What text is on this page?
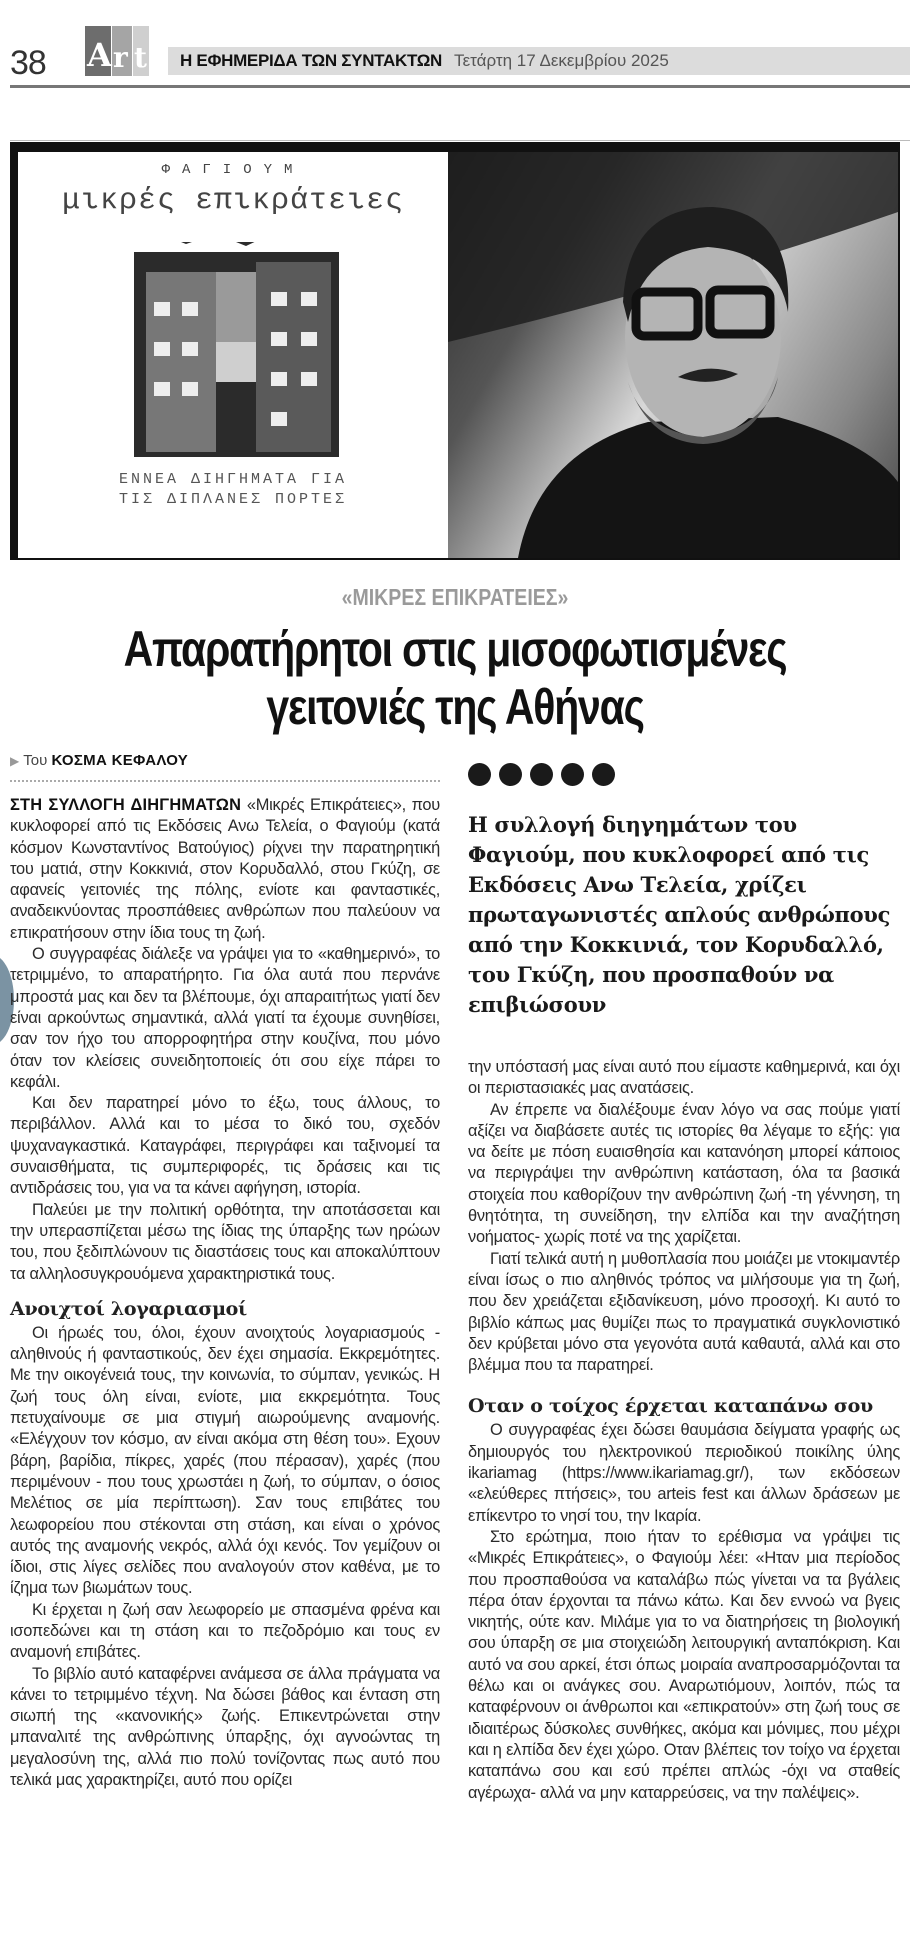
38 A r t Η ΕΦΗΜΕΡΙΔΑ ΤΩΝ ΣΥΝΤΑΚΤΩΝ Τετάρτη 17 Δεκεμβρίου 2025
ΦΑΓΙΟΥΜ
μικρές επικράτειες
ΕΝΝΕΑ ΔΙΗΓΗΜΑΤΑ ΓΙΑ
ΤΙΣ ΔΙΠΛΑΝΕΣ ΠΟΡΤΕΣ
«ΜΙΚΡΕΣ ΕΠΙΚΡΑΤΕΙΕΣ»
Απαρατήρητοι στις μισοφωτισμένες
γειτονιές της Αθήνας
▶ Του ΚΟΣΜΑ ΚΕΦΑΛΟΥ

ΣΤΗ ΣΥΛΛΟΓΗ ΔΙΗΓΗΜΑΤΩΝ «Μικρές Επικράτειες», που κυκλοφορεί από τις Εκδόσεις Ανω Τελεία, ο Φαγιούμ (κατά κόσμον Κωνσταντίνος Βατούγιος) ρίχνει την παρατηρητική του ματιά, στην Κοκκινιά, στον Κορυδαλλό, στου Γκύζη, σε αφανείς γειτονιές της πόλης, ενίοτε και φανταστικές, αναδεικνύοντας προσπάθειες ανθρώπων που παλεύουν να επικρατήσουν στην ίδια τους τη ζωή.

Ο συγγραφέας διάλεξε να γράψει για το «καθημερινό», το τετριμμένο, το απαρατήρητο. Για όλα αυτά που περνάνε μπροστά μας και δεν τα βλέπουμε, όχι απαραιτήτως γιατί δεν είναι αρκούντως σημαντικά, αλλά γιατί τα έχουμε συνηθίσει, σαν τον ήχο του απορροφητήρα στην κουζίνα, που μόνο όταν τον κλείσεις συνειδητοποιείς ότι σου είχε πάρει το κεφάλι.

Και δεν παρατηρεί μόνο το έξω, τους άλλους, το περιβάλλον. Αλλά και το μέσα το δικό του, σχεδόν ψυχαναγκαστικά. Καταγράφει, περιγράφει και ταξινομεί τα συναισθήματα, τις συμπεριφορές, τις δράσεις και τις αντιδράσεις του, για να τα κάνει αφήγηση, ιστορία.

Παλεύει με την πολιτική ορθότητα, την αποτάσσεται και την υπερασπίζεται μέσω της ίδιας της ύπαρξης των ηρώων του, που ξεδιπλώνουν τις διαστάσεις τους και αποκαλύπτουν τα αλληλοσυγκρουόμενα χαρακτηριστικά τους.

Ανοιχτοί λογαριασμοί

Οι ήρωές του, όλοι, έχουν ανοιχτούς λογαριασμούς - αληθινούς ή φανταστικούς, δεν έχει σημασία. Εκκρεμότητες. Με την οικογένειά τους, την κοινωνία, το σύμπαν, γενικώς. Η ζωή τους όλη είναι, ενίοτε, μια εκκρεμότητα. Τους πετυχαίνουμε σε μια στιγμή αιωρούμενης αναμονής. «Ελέγχουν τον κόσμο, αν είναι ακόμα στη θέση του». Εχουν βάρη, βαρίδια, πίκρες, χαρές (που πέρασαν), χαρές (που περιμένουν - που τους χρωστάει η ζωή, το σύμπαν, ο όσιος Μελέτιος σε μία περίπτωση). Σαν τους επιβάτες του λεωφορείου που στέκονται στη στάση, και είναι ο χρόνος αυτός της αναμονής νεκρός, αλλά όχι κενός. Τον γεμίζουν οι ίδιοι, στις λίγες σελίδες που αναλογούν στον καθένα, με το ίζημα των βιωμάτων τους.

Κι έρχεται η ζωή σαν λεωφορείο με σπασμένα φρένα και ισοπεδώνει και τη στάση και το πεζοδρόμιο και τους εν αναμονή επιβάτες.

Το βιβλίο αυτό καταφέρνει ανάμεσα σε άλλα πράγματα να κάνει το τετριμμένο τέχνη. Να δώσει βάθος και ένταση στη σιωπή της «κανονικής» ζωής. Επικεντρώνεται στην μπαναλιτέ της ανθρώπινης ύπαρξης, όχι αγνοώντας τη μεγαλοσύνη της, αλλά πιο πολύ τονίζοντας πως αυτό που τελικά μας χαρακτηρίζει, αυτό που ορίζει

Η συλλογή διηγημάτων του Φαγιούμ, που κυκλοφορεί από τις Εκδόσεις Ανω Τελεία, χρίζει πρωταγωνιστές απλούς ανθρώπους από την Κοκκινιά, τον Κορυδαλλό, του Γκύζη, που προσπαθούν να επιβιώσουν

την υπόστασή μας είναι αυτό που είμαστε καθημερινά, και όχι οι περιστασιακές μας ανατάσεις.

Αν έπρεπε να διαλέξουμε έναν λόγο να σας πούμε γιατί αξίζει να διαβάσετε αυτές τις ιστορίες θα λέγαμε το εξής: για να δείτε με πόση ευαισθησία και κατανόηση μπορεί κάποιος να περιγράψει την ανθρώπινη κατάσταση, όλα τα βασικά στοιχεία που καθορίζουν την ανθρώπινη ζωή -τη γέννηση, τη θνητότητα, τη συνείδηση, την ελπίδα και την αναζήτηση νοήματος- χωρίς ποτέ να της χαρίζεται.

Γιατί τελικά αυτή η μυθοπλασία που μοιάζει με ντοκιμαντέρ είναι ίσως ο πιο αληθινός τρόπος να μιλήσουμε για τη ζωή, που δεν χρειάζεται εξιδανίκευση, μόνο προσοχή. Κι αυτό το βιβλίο κάπως μας θυμίζει πως το πραγματικά συγκλονιστικό δεν κρύβεται μόνο στα γεγονότα αυτά καθαυτά, αλλά και στο βλέμμα που τα παρατηρεί.

Οταν ο τοίχος έρχεται καταπάνω σου

Ο συγγραφέας έχει δώσει θαυμάσια δείγματα γραφής ως δημιουργός του ηλεκτρονικού περιοδικού ποικίλης ύλης ikariamag (https://www.ikariamag.gr/), των εκδόσεων «ελεύθερες πτήσεις», του arteis fest και άλλων δράσεων με επίκεντρο το νησί του, την Ικαρία.

Στο ερώτημα, ποιο ήταν το ερέθισμα να γράψει τις «Μικρές Επικράτειες», ο Φαγιούμ λέει: «Ηταν μια περίοδος που προσπαθούσα να καταλάβω πώς γίνεται να τα βγάλεις πέρα όταν έρχονται τα πάνω κάτω. Και δεν εννοώ να βγεις νικητής, ούτε καν. Μιλάμε για το να διατηρήσεις τη βιολογική σου ύπαρξη σε μια στοιχειώδη λειτουργική ανταπόκριση. Και αυτό να σου αρκεί, έτσι όπως μοιραία αναπροσαρμόζονται τα θέλω και οι ανάγκες σου. Αναρωτιόμουν, λοιπόν, πώς τα καταφέρνουν οι άνθρωποι και «επικρατούν» στη ζωή τους σε ιδιαιτέρως δύσκολες συνθήκες, ακόμα και μόνιμες, που μέχρι και η ελπίδα δεν έχει χώρο. Οταν βλέπεις τον τοίχο να έρχεται καταπάνω σου και εσύ πρέπει απλώς -όχι να σταθείς αγέρωχα- αλλά να μην καταρρεύσεις, να την παλέψεις».
